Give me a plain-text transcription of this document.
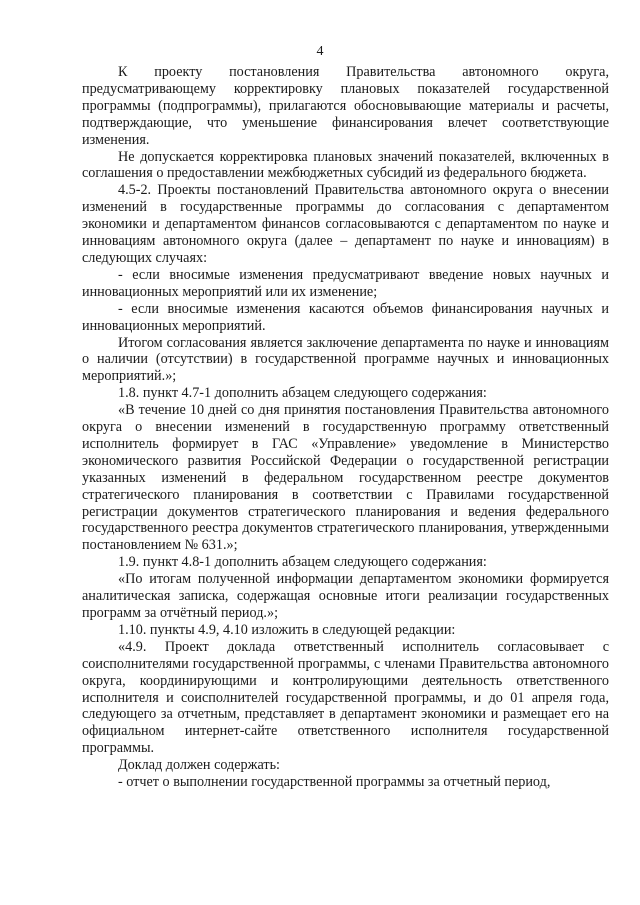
4

К проекту постановления Правительства автономного округа, предусматривающему корректировку плановых показателей государственной программы (подпрограммы), прилагаются обосновывающие материалы и расчеты, подтверждающие, что уменьшение финансирования влечет соответствующие изменения.

Не допускается корректировка плановых значений показателей, включенных в соглашения о предоставлении межбюджетных субсидий из федерального бюджета.

4.5-2. Проекты постановлений Правительства автономного округа о внесении изменений в государственные программы до согласования с департаментом экономики и департаментом финансов согласовываются с департаментом по науке и инновациям автономного округа (далее – департамент по науке и инновациям) в следующих случаях:

- если вносимые изменения предусматривают введение новых научных и инновационных мероприятий или их изменение;

- если вносимые изменения касаются объемов финансирования научных и инновационных мероприятий.

Итогом согласования является заключение департамента по науке и инновациям о наличии (отсутствии) в государственной программе научных и инновационных мероприятий.»;

1.8. пункт 4.7-1 дополнить абзацем следующего содержания:

«В течение 10 дней со дня принятия постановления Правительства автономного округа о внесении изменений в государственную программу ответственный исполнитель формирует в ГАС «Управление» уведомление в Министерство экономического развития Российской Федерации о государственной регистрации указанных изменений в федеральном государственном реестре документов стратегического планирования в соответствии с Правилами государственной регистрации документов стратегического планирования и ведения федерального государственного реестра документов стратегического планирования, утвержденными постановлением № 631.»;

1.9. пункт 4.8-1 дополнить абзацем следующего содержания:

«По итогам полученной информации департаментом экономики формируется аналитическая записка, содержащая основные итоги реализации государственных программ за отчётный период.»;

1.10. пункты 4.9, 4.10 изложить в следующей редакции:

«4.9. Проект доклада ответственный исполнитель согласовывает с соисполнителями государственной программы, с членами Правительства автономного округа, координирующими и контролирующими деятельность ответственного исполнителя и соисполнителей государственной программы, и до 01 апреля года, следующего за отчетным, представляет в департамент экономики и размещает его на официальном интернет-сайте ответственного исполнителя государственной программы.

Доклад должен содержать:

- отчет о выполнении государственной программы за отчетный период,
